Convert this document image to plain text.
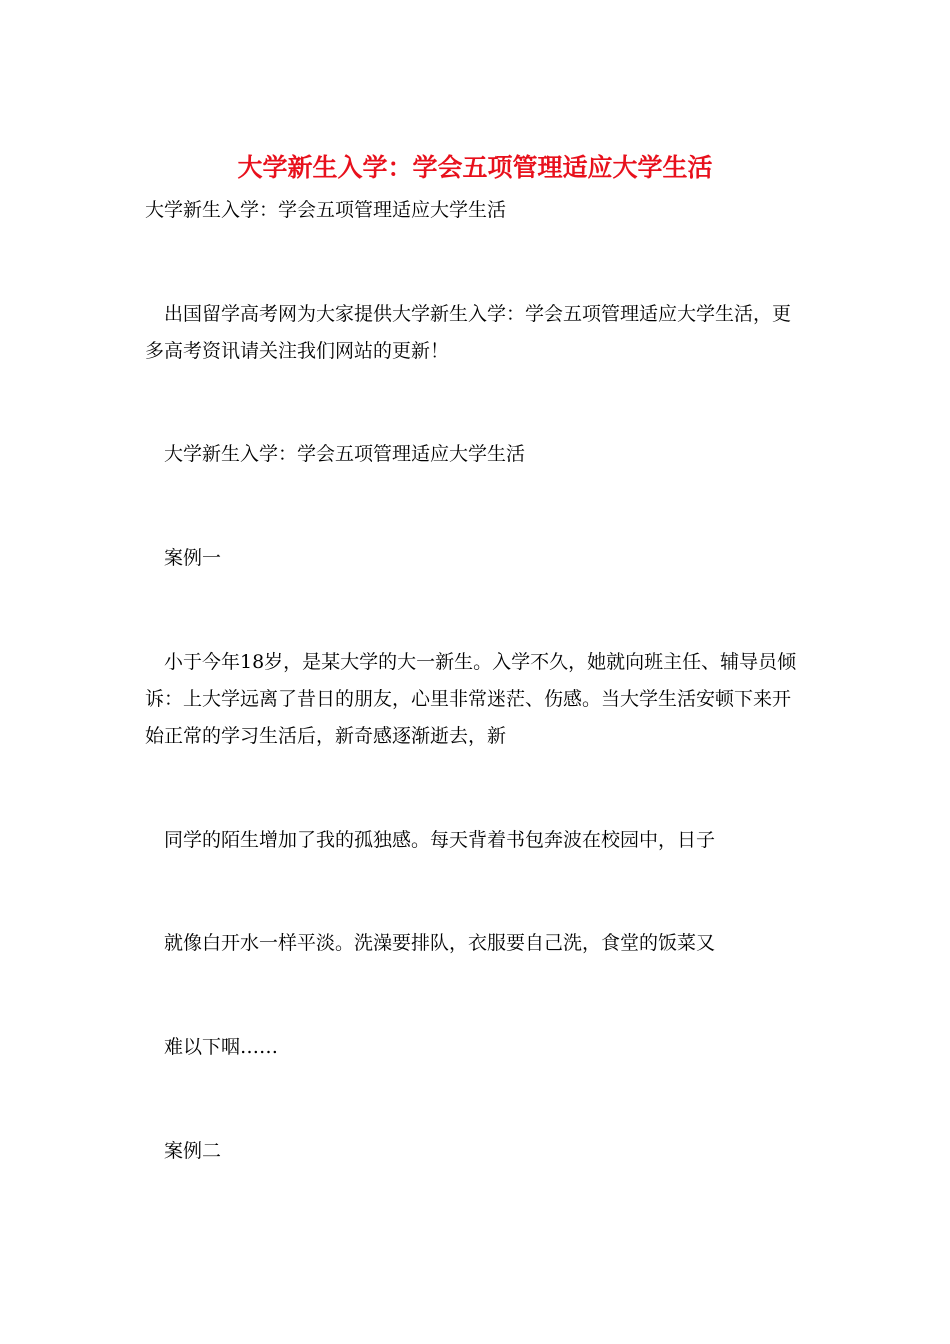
大学新生入学：学会五项管理适应大学生活
大学新生入学：学会五项管理适应大学生活
出国留学高考网为大家提供大学新生入学：学会五项管理适应大学生活，更多高考资讯请关注我们网站的更新！
大学新生入学：学会五项管理适应大学生活
案例一
小于今年18岁，是某大学的大一新生。入学不久，她就向班主任、辅导员倾诉：上大学远离了昔日的朋友，心里非常迷茫、伤感。当大学生活安顿下来开始正常的学习生活后，新奇感逐渐逝去，新
同学的陌生增加了我的孤独感。每天背着书包奔波在校园中，日子
就像白开水一样平淡。洗澡要排队，衣服要自己洗，食堂的饭菜又
难以下咽……
案例二
